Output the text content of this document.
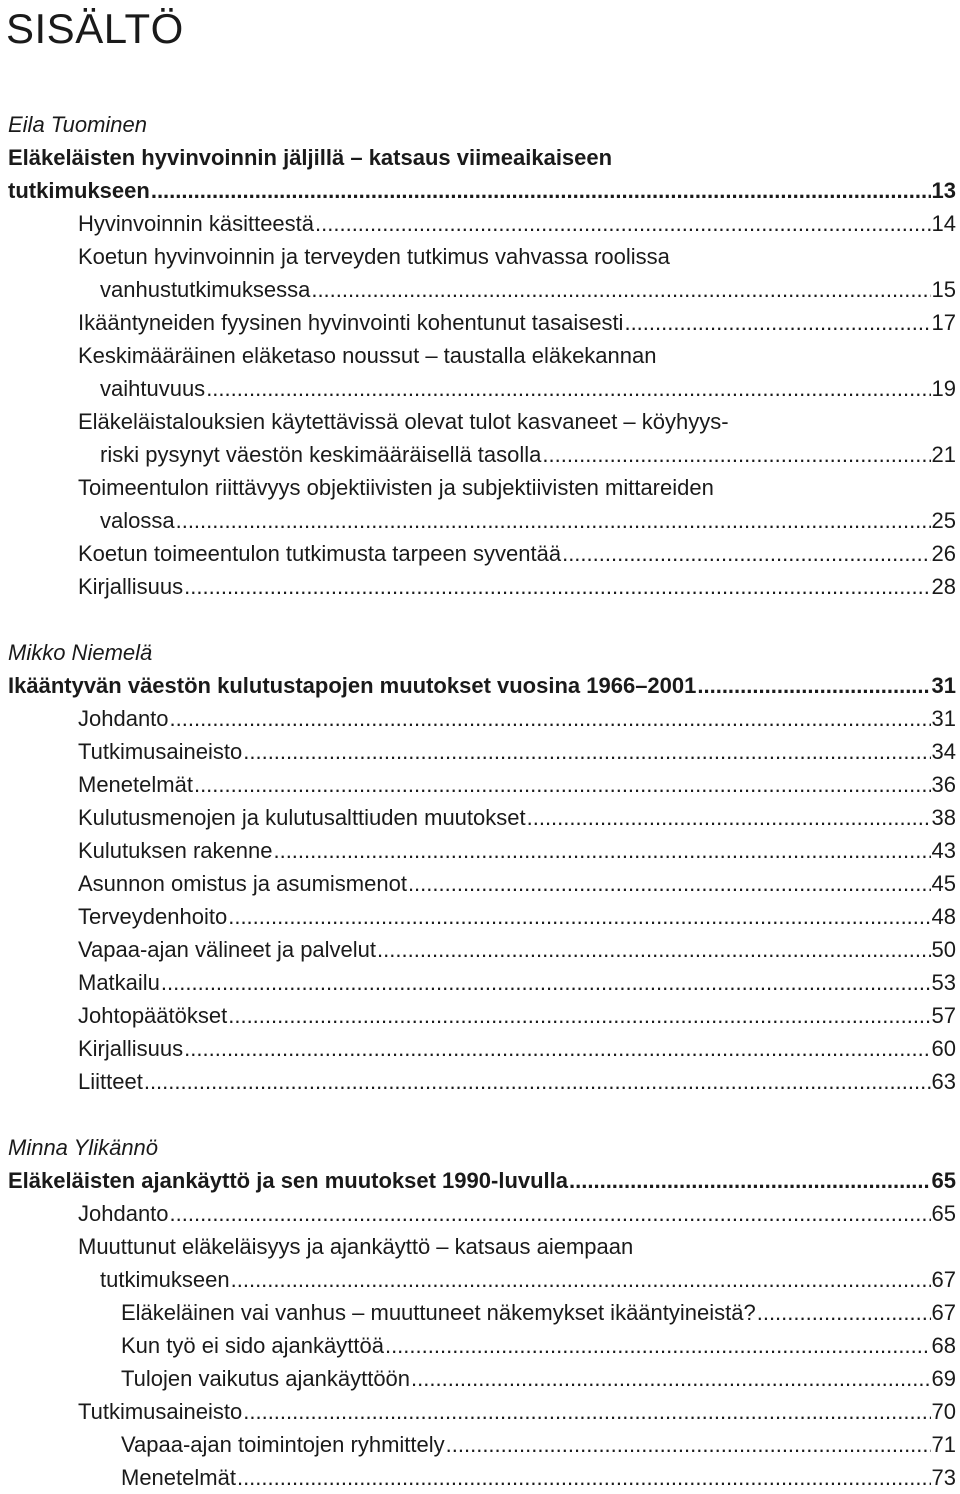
SISÄLTÖ
Eila Tuominen
Eläkeläisten hyvinvoinnin jäljillä – katsaus viimeaikaiseen
tutkimukseen .....	13
Hyvinvoinnin käsitteestä .....	14
Koetun hyvinvoinnin ja terveyden tutkimus vahvassa roolissa
vanhustutkimuksessa .....	15
Ikääntyneiden fyysinen hyvinvointi kohentunut tasaisesti .....	17
Keskimääräinen eläketaso noussut – taustalla eläkekannan
vaihtuvuus .....	19
Eläkeläistalouksien käytettävissä olevat tulot kasvaneet – köyhyys-
riski pysynyt väestön keskimääräisellä tasolla .....	21
Toimeentulon riittävyys objektiivisten ja subjektiivisten mittareiden
valossa .....	25
Koetun toimeentulon tutkimusta tarpeen syventää .....	26
Kirjallisuus .....	28
Mikko Niemelä
Ikääntyvän väestön kulutustapojen muutokset vuosina 1966–2001 .....	31
Johdanto .....	31
Tutkimusaineisto .....	34
Menetelmät .....	36
Kulutusmenojen ja kulutusalttiuden muutokset .....	38
Kulutuksen rakenne .....	43
Asunnon omistus ja asumismenot .....	45
Terveydenhoito .....	48
Vapaa-ajan välineet ja palvelut .....	50
Matkailu .....	53
Johtopäätökset .....	57
Kirjallisuus .....	60
Liitteet .....	63
Minna Ylikännö
Eläkeläisten ajankäyttö ja sen muutokset 1990-luvulla .....	65
Johdanto .....	65
Muuttunut eläkeläisyys ja ajankäyttö – katsaus aiempaan
tutkimukseen .....	67
Eläkeläinen vai vanhus – muuttuneet näkemykset ikääntyineistä? .....	67
Kun työ ei sido ajankäyttöä .....	68
Tulojen vaikutus ajankäyttöön .....	69
Tutkimusaineisto .....	70
Vapaa-ajan toimintojen ryhmittely .....	71
Menetelmät .....	73
